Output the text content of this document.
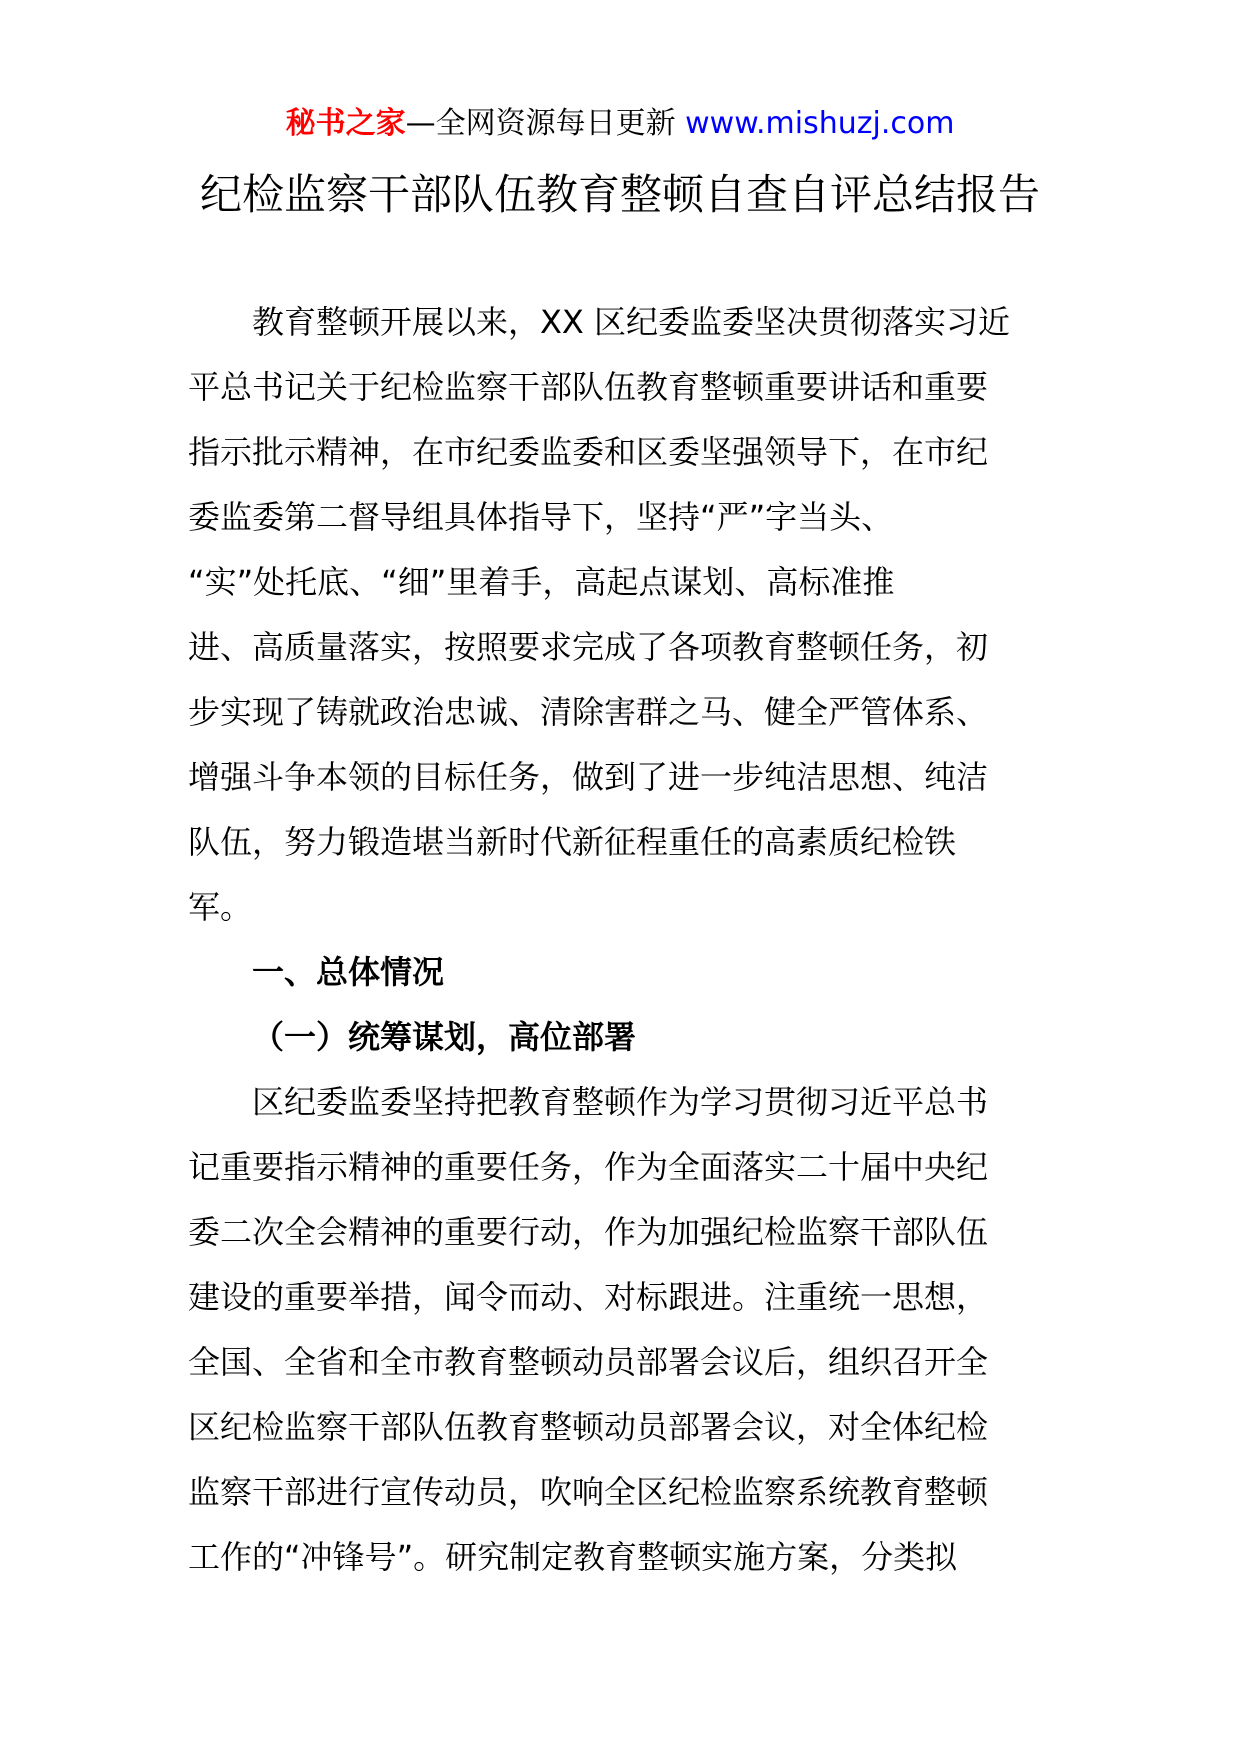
秘书之家—全网资源每日更新 www.mishuzj.com
纪检监察干部队伍教育整顿自查自评总结报告
教育整顿开展以来，XX 区纪委监委坚决贯彻落实习近
平总书记关于纪检监察干部队伍教育整顿重要讲话和重要
指示批示精神，在市纪委监委和区委坚强领导下，在市纪
委监委第二督导组具体指导下，坚持“严”字当头、
“实”处托底、“细”里着手，高起点谋划、高标准推
进、高质量落实，按照要求完成了各项教育整顿任务，初
步实现了铸就政治忠诚、清除害群之马、健全严管体系、
增强斗争本领的目标任务，做到了进一步纯洁思想、纯洁
队伍，努力锻造堪当新时代新征程重任的高素质纪检铁
军。
一、总体情况
（一）统筹谋划，高位部署
区纪委监委坚持把教育整顿作为学习贯彻习近平总书
记重要指示精神的重要任务，作为全面落实二十届中央纪
委二次全会精神的重要行动，作为加强纪检监察干部队伍
建设的重要举措，闻令而动、对标跟进。注重统一思想，
全国、全省和全市教育整顿动员部署会议后，组织召开全
区纪检监察干部队伍教育整顿动员部署会议，对全体纪检
监察干部进行宣传动员，吹响全区纪检监察系统教育整顿
工作的“冲锋号”。研究制定教育整顿实施方案，分类拟
